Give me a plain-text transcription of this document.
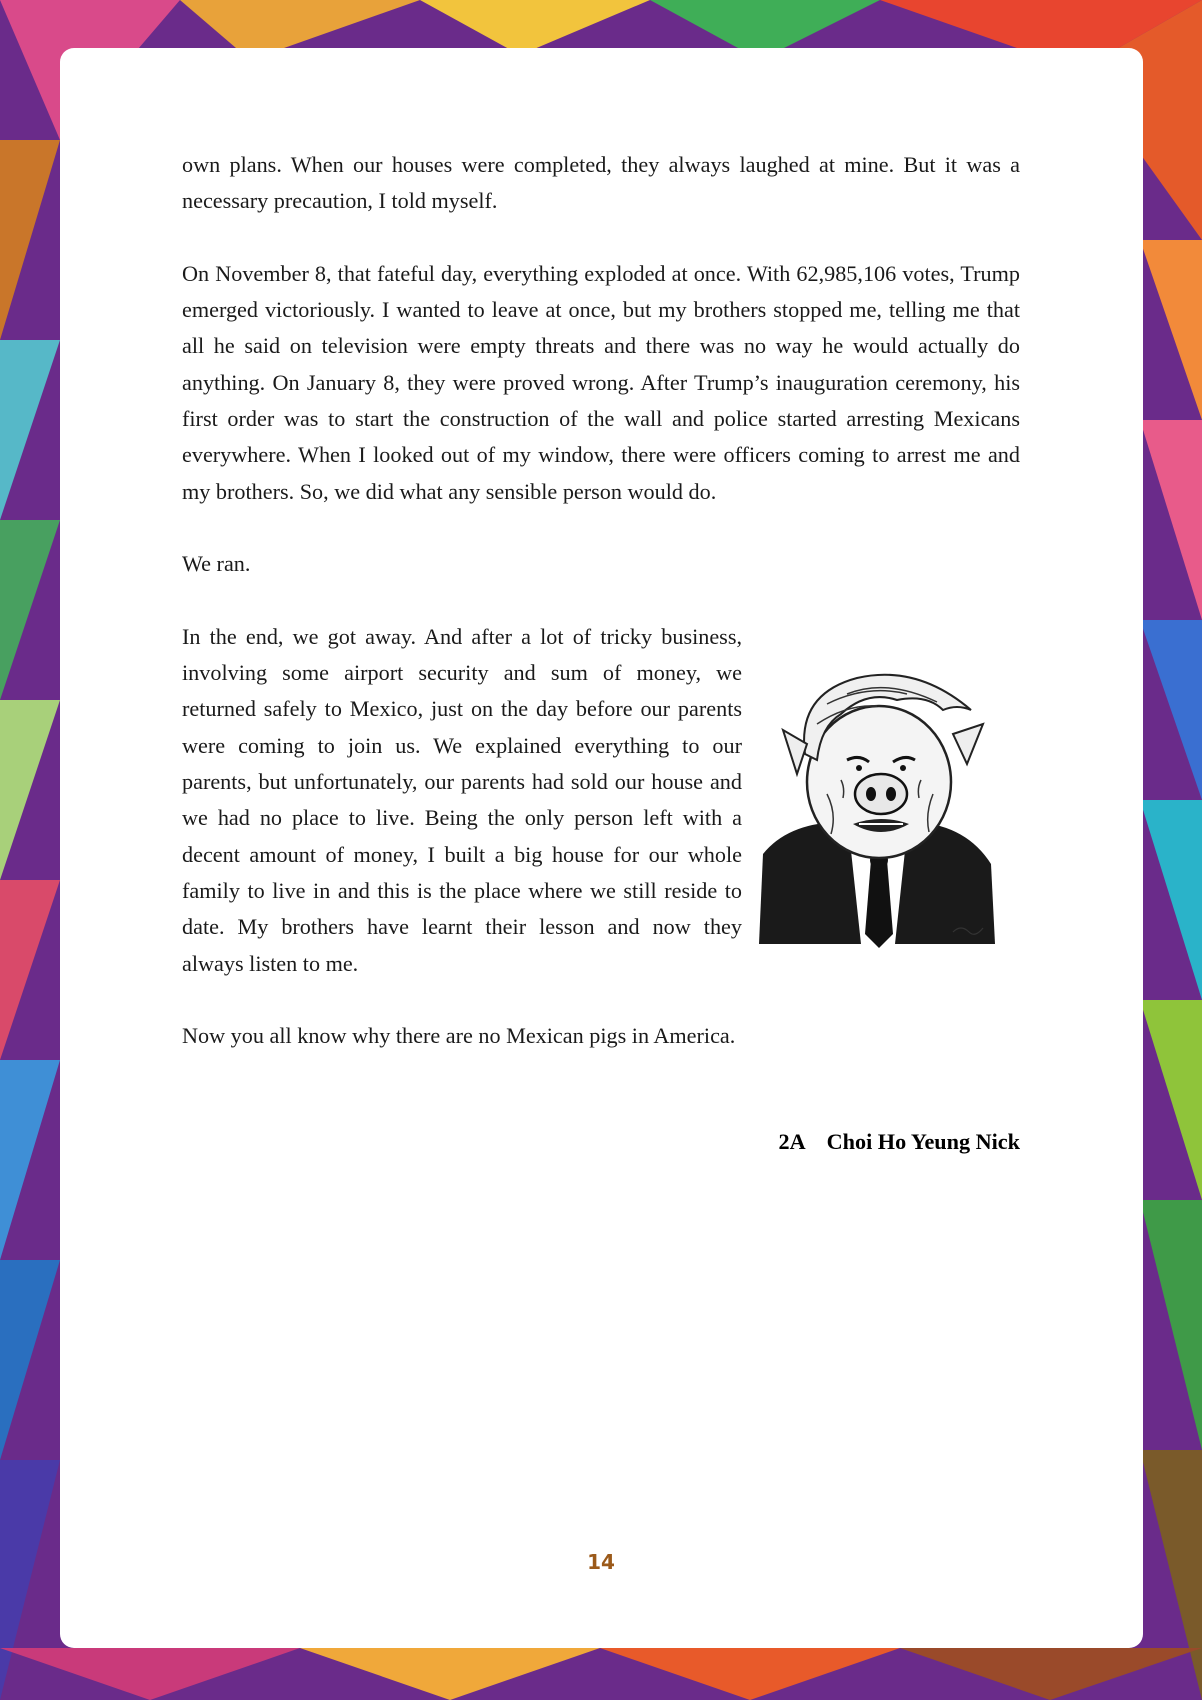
own plans. When our houses were completed, they always laughed at mine. But it was a necessary precaution, I told myself.

On November 8, that fateful day, everything exploded at once. With 62,985,106 votes, Trump emerged victoriously. I wanted to leave at once, but my brothers stopped me, telling me that all he said on television were empty threats and there was no way he would actually do anything. On January 8, they were proved wrong. After Trump’s inauguration ceremony, his first order was to start the construction of the wall and police started arresting Mexicans everywhere. When I looked out of my window, there were officers coming to arrest me and my brothers. So, we did what any sensible person would do.

We ran.

In the end, we got away. And after a lot of tricky business, involving some airport security and sum of money, we returned safely to Mexico, just on the day before our parents were coming to join us. We explained everything to our parents, but unfortunately, our parents had sold our house and we had no place to live. Being the only person left with a decent amount of money, I built a big house for our whole family to live in and this is the place where we still reside to date. My brothers have learnt their lesson and now they always listen to me.

Now you all know why there are no Mexican pigs in America.

2A Choi Ho Yeung Nick
14
